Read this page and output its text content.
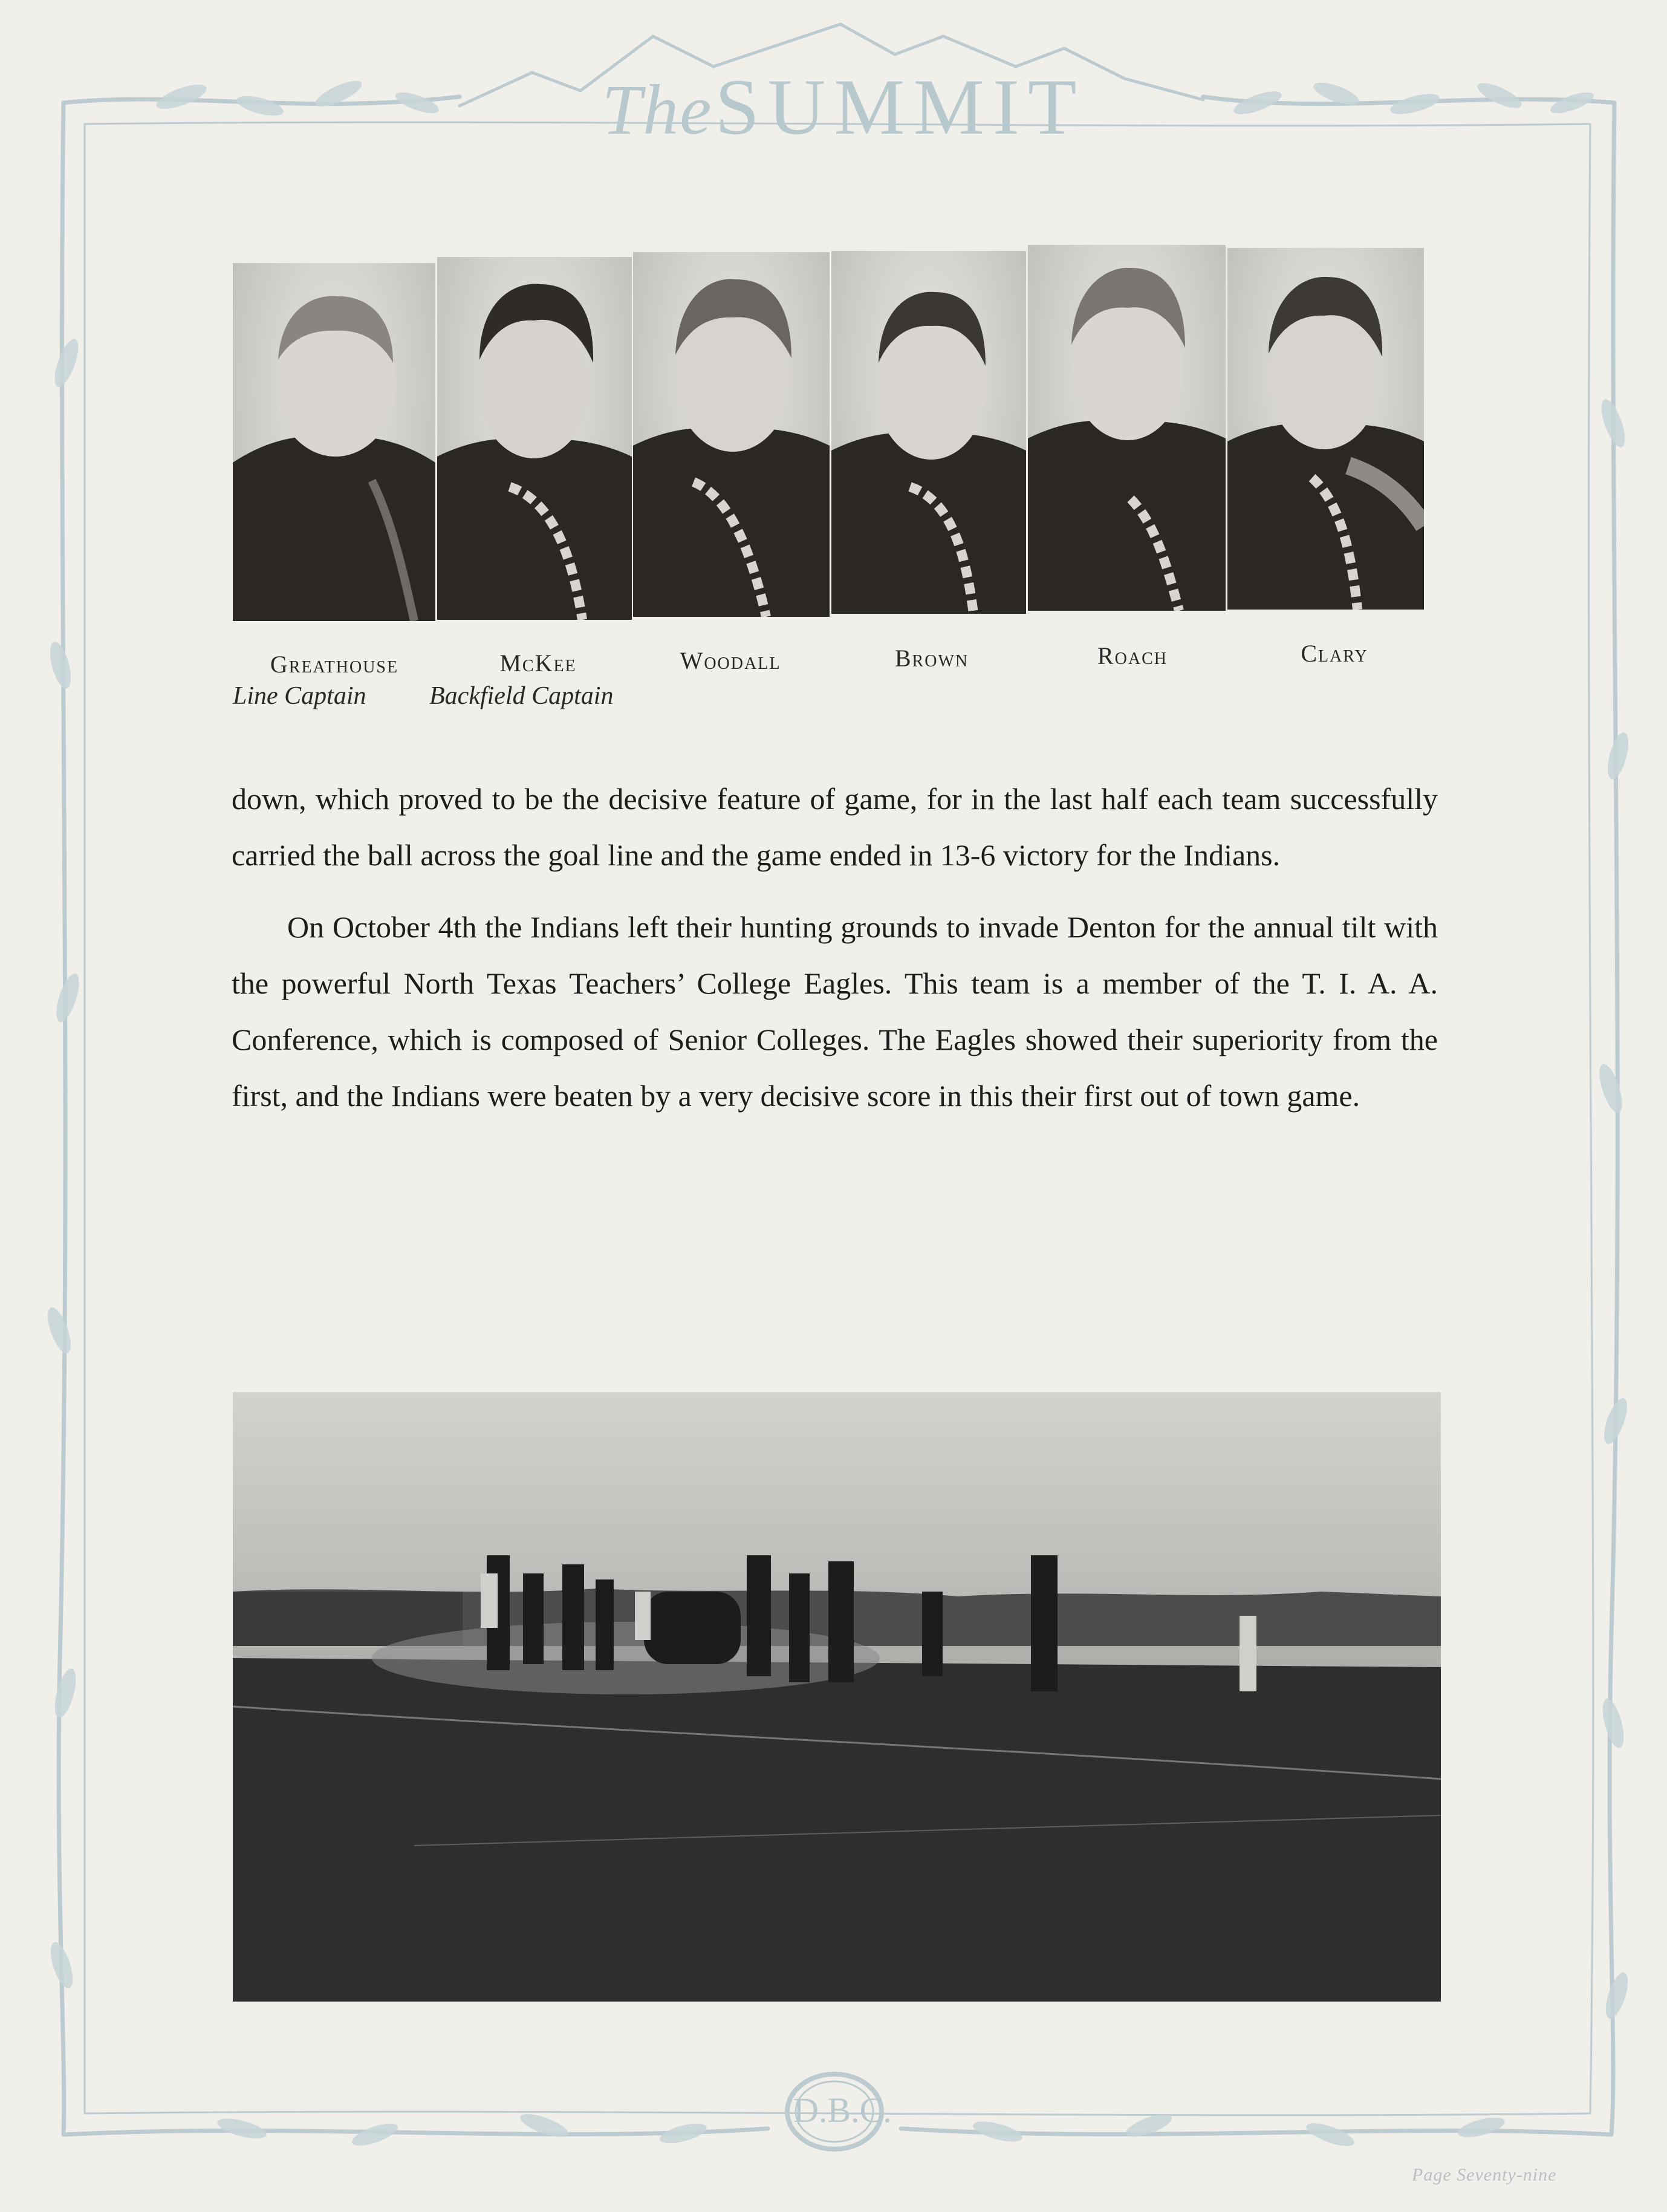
The SUMMIT
D.B.C.
Greathouse	McKee	Woodall	Brown	Roach	Clary
Line Captain Backfield Captain

down, which proved to be the decisive feature of game, for in the last half each team successfully carried the ball across the goal line and the game ended in 13-6 victory for the Indians.

On October 4th the Indians left their hunting grounds to invade Denton for the annual tilt with the powerful North Texas Teachers’ College Eagles. This team is a member of the T. I. A. A. Conference, which is composed of Senior Colleges. The Eagles showed their superiority from the first, and the Indians were beaten by a very decisive score in this their first out of town game.

Page Seventy-nine
